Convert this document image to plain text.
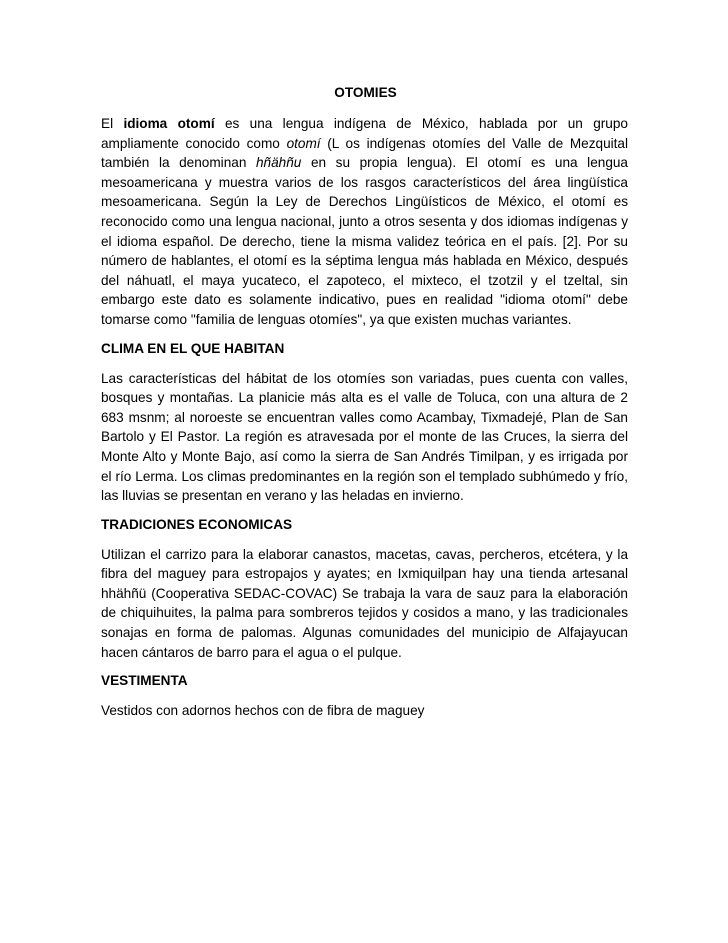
OTOMIES

El idioma otomí es una lengua indígena de México, hablada por un grupo ampliamente conocido como otomí (L os indígenas otomíes del Valle de Mezquital también la denominan hñähñu en su propia lengua). El otomí es una lengua mesoamericana y muestra varios de los rasgos característicos del área lingüística mesoamericana. Según la Ley de Derechos Lingüísticos de México, el otomí es reconocido como una lengua nacional, junto a otros sesenta y dos idiomas indígenas y el idioma español. De derecho, tiene la misma validez teórica en el país. [2]. Por su número de hablantes, el otomí es la séptima lengua más hablada en México, después del náhuatl, el maya yucateco, el zapoteco, el mixteco, el tzotzil y el tzeltal, sin embargo este dato es solamente indicativo, pues en realidad "idioma otomí" debe tomarse como "familia de lenguas otomíes", ya que existen muchas variantes.

CLIMA EN EL QUE HABITAN

Las características del hábitat de los otomíes son variadas, pues cuenta con valles, bosques y montañas. La planicie más alta es el valle de Toluca, con una altura de 2 683 msnm; al noroeste se encuentran valles como Acambay, Tixmadejé, Plan de San Bartolo y El Pastor. La región es atravesada por el monte de las Cruces, la sierra del Monte Alto y Monte Bajo, así como la sierra de San Andrés Timilpan, y es irrigada por el río Lerma. Los climas predominantes en la región son el templado subhúmedo y frío, las lluvias se presentan en verano y las heladas en invierno.

TRADICIONES ECONOMICAS

Utilizan el carrizo para la elaborar canastos, macetas, cavas, percheros, etcétera, y la fibra del maguey para estropajos y ayates; en Ixmiquilpan hay una tienda artesanal hhähñü (Cooperativa SEDAC-COVAC) Se trabaja la vara de sauz para la elaboración de chiquihuites, la palma para sombreros tejidos y cosidos a mano, y las tradicionales sonajas en forma de palomas. Algunas comunidades del municipio de Alfajayucan hacen cántaros de barro para el agua o el pulque.

VESTIMENTA

Vestidos con adornos hechos con de fibra de maguey
